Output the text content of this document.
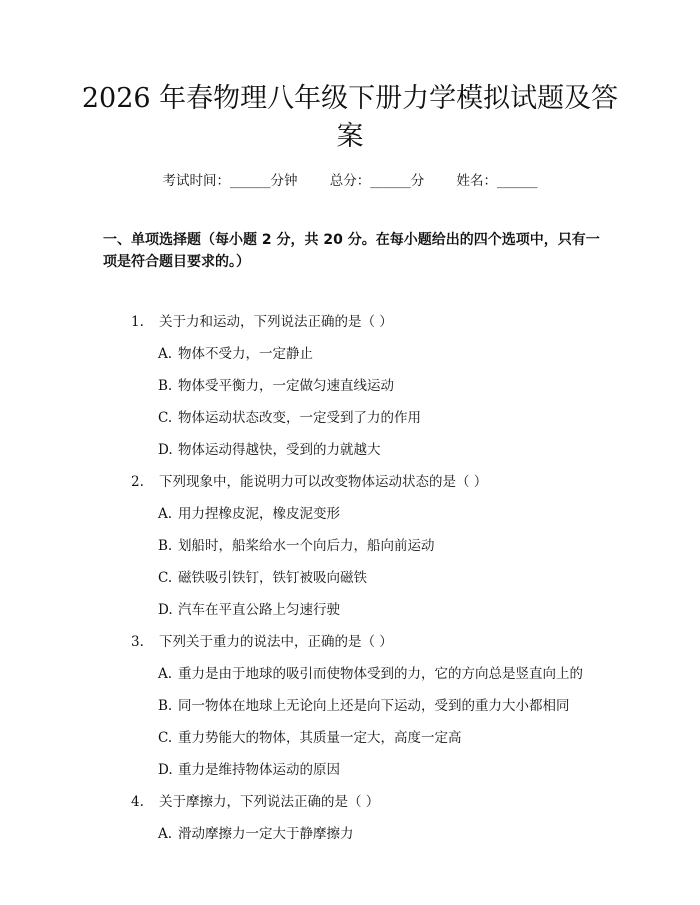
2026 年春物理八年级下册力学模拟试题及答
案
考试时间：______分钟 总分：______分 姓名：______
一、单项选择题（每小题 2 分，共 20 分。在每小题给出的四个选项中，只有一项是符合题目要求的。）
1. 关于力和运动，下列说法正确的是（ ）
A. 物体不受力，一定静止
B. 物体受平衡力，一定做匀速直线运动
C. 物体运动状态改变，一定受到了力的作用
D. 物体运动得越快，受到的力就越大
2. 下列现象中，能说明力可以改变物体运动状态的是（ ）
A. 用力捏橡皮泥，橡皮泥变形
B. 划船时，船桨给水一个向后力，船向前运动
C. 磁铁吸引铁钉，铁钉被吸向磁铁
D. 汽车在平直公路上匀速行驶
3. 下列关于重力的说法中，正确的是（ ）
A. 重力是由于地球的吸引而使物体受到的力，它的方向总是竖直向上的
B. 同一物体在地球上无论向上还是向下运动，受到的重力大小都相同
C. 重力势能大的物体，其质量一定大，高度一定高
D. 重力是维持物体运动的原因
4. 关于摩擦力，下列说法正确的是（ ）
A. 滑动摩擦力一定大于静摩擦力
